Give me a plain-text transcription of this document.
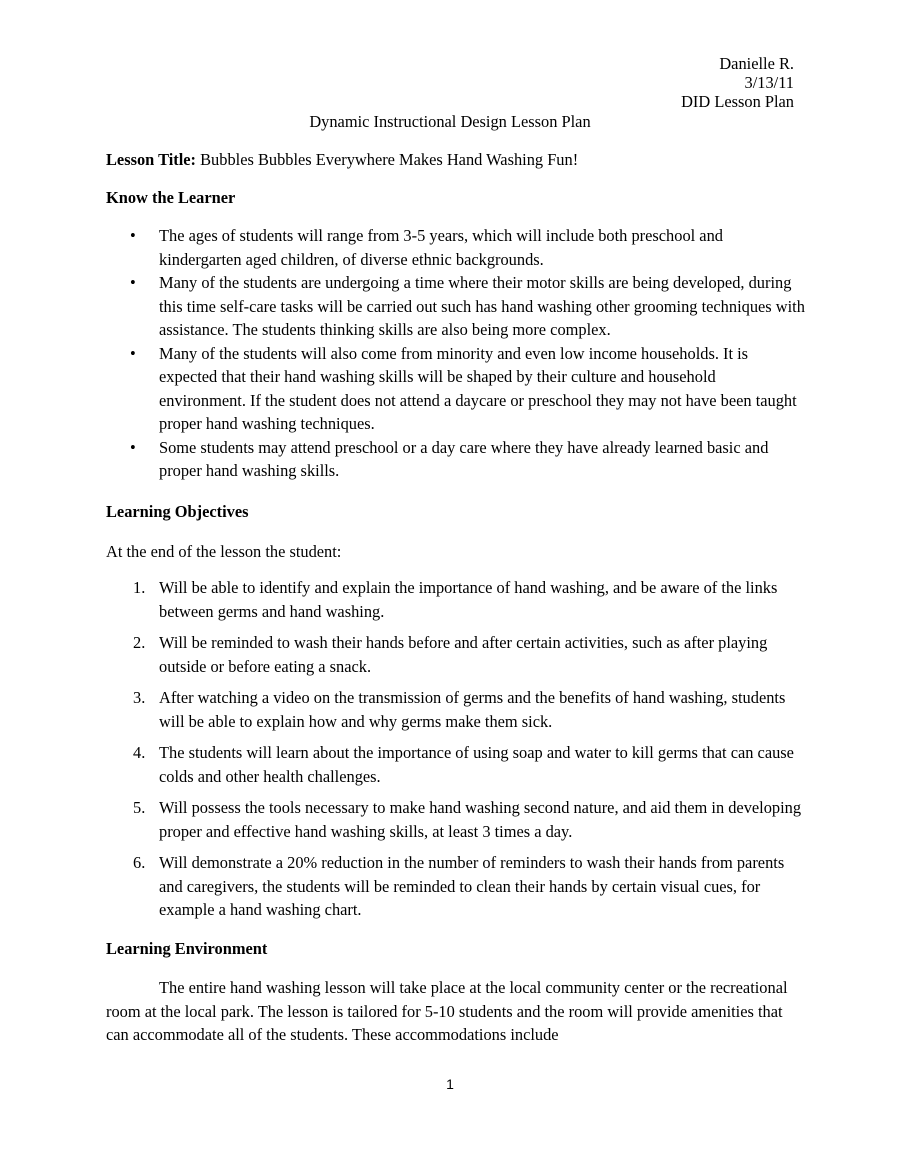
Danielle R.
3/13/11
DID Lesson Plan
Dynamic Instructional Design Lesson Plan
Lesson Title: Bubbles Bubbles Everywhere Makes Hand Washing Fun!
Know the Learner
• The ages of students will range from 3-5 years, which will include both preschool and kindergarten aged children, of diverse ethnic backgrounds.
• Many of the students are undergoing a time where their motor skills are being developed, during this time self-care tasks will be carried out such has hand washing other grooming techniques with assistance. The students thinking skills are also being more complex.
• Many of the students will also come from minority and even low income households. It is expected that their hand washing skills will be shaped by their culture and household environment. If the student does not attend a daycare or preschool they may not have been taught proper hand washing techniques.
• Some students may attend preschool or a day care where they have already learned basic and proper hand washing skills.
Learning Objectives
At the end of the lesson the student:
1. Will be able to identify and explain the importance of hand washing, and be aware of the links between germs and hand washing.
2. Will be reminded to wash their hands before and after certain activities, such as after playing outside or before eating a snack.
3. After watching a video on the transmission of germs and the benefits of hand washing, students will be able to explain how and why germs make them sick.
4. The students will learn about the importance of using soap and water to kill germs that can cause colds and other health challenges.
5. Will possess the tools necessary to make hand washing second nature, and aid them in developing proper and effective hand washing skills, at least 3 times a day.
6. Will demonstrate a 20% reduction in the number of reminders to wash their hands from parents and caregivers, the students will be reminded to clean their hands by certain visual cues, for example a hand washing chart.
Learning Environment

The entire hand washing lesson will take place at the local community center or the recreational room at the local park. The lesson is tailored for 5-10 students and the room will provide amenities that can accommodate all of the students. These accommodations include

1
